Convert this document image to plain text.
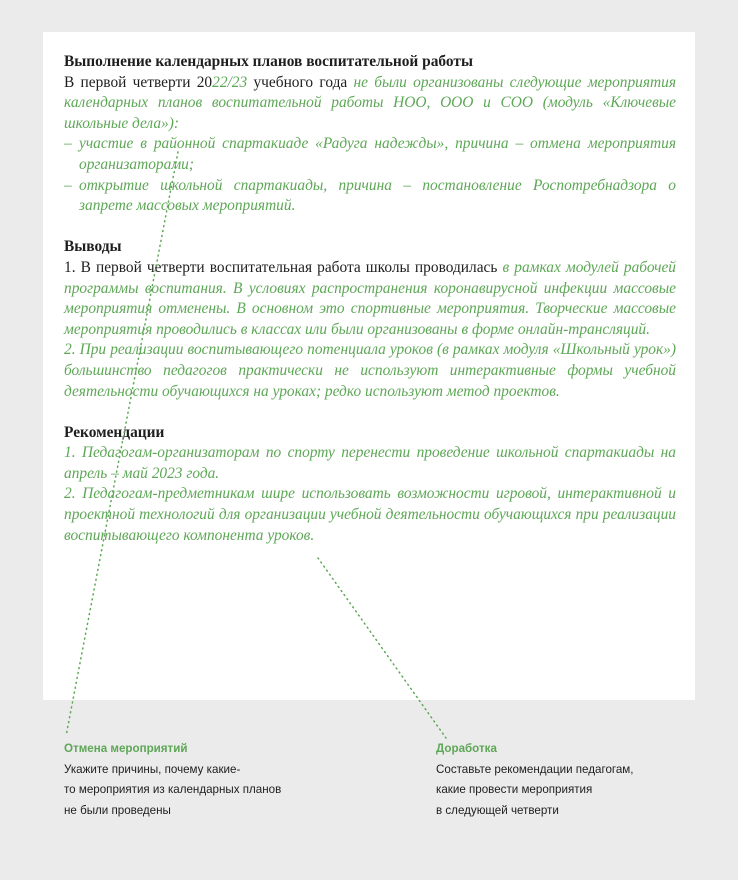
Выполнение календарных планов воспитательной работы

В первой четверти 2022/23 учебного года не были организованы следующие мероприятия календарных планов воспитательной работы НОО, ООО и СОО (модуль «Ключевые школьные дела»):

– участие в районной спартакиаде «Радуга надежды», причина – отмена мероприятия организаторами;

– открытие школьной спартакиады, причина – постановление Роспотребнадзора о запрете массовых мероприятий.

Выводы

1. В первой четверти воспитательная работа школы проводилась в рамках модулей рабочей программы воспитания. В условиях распространения коронавирусной инфекции массовые мероприятия отменены. В основном это спортивные мероприятия. Творческие массовые мероприятия проводились в классах или были организованы в форме онлайн-трансляций.

2. При реализации воспитывающего потенциала уроков (в рамках модуля «Школьный урок») большинство педагогов практически не используют интерактивные формы учебной деятельности обучающихся на уроках; редко используют метод проектов.

Рекомендации

1. Педагогам-организаторам по спорту перенести проведение школьной спартакиады на апрель – май 2023 года.

2. Педагогам-предметникам шире использовать возможности игровой, интерактивной и проектной технологий для организации учебной деятельности обучающихся при реализации воспитывающего компонента уроков.

Отмена мероприятий
Укажите причины, почему какие-
то мероприятия из календарных планов
не были проведены
Доработка
Составьте рекомендации педагогам,
какие провести мероприятия
в следующей четверти
